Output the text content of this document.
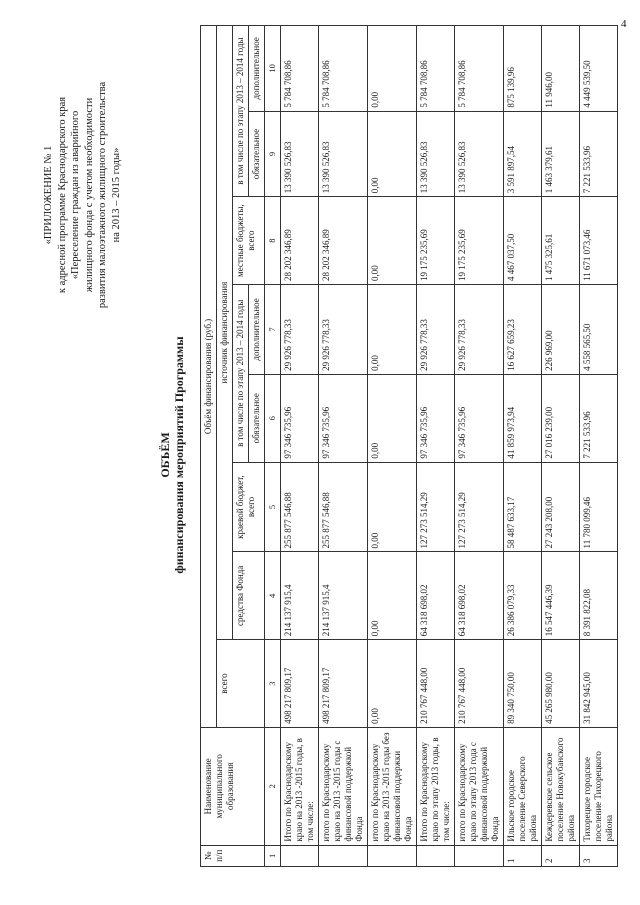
4
«ПРИЛОЖЕНИЕ № 1 к адресной программе Краснодарского края «Переселение граждан из аварийного жилищного фонда с учетом необходимости развития малоэтажного жилищного строительства на 2013 – 2015 годы»
ОБЪЁМ финансирования мероприятий Программы
№ п/п	Наименование муниципального образования	Объём финансирования (руб.)							
		всего	источник финансирования						
			средства Фонда	краевой бюджет, всего	в том числе по этапу 2013 – 2014 годы		местные бюджеты, всего	в том числе по этапу 2013 – 2014 годы	
					обязательное	дополнительное		обязательное	дополнительное
1	2	3	4	5	6	7	8	9	10
	Итого по Краснодарскому краю на 2013 -2015 годы, в том числе:	498 217 809,17	214 137 915,4	255 877 546,88	97 346 735,96	29 926 778,33	28 202 346,89	13 390 526,83	5 784 708,86
	итого по Краснодарскому краю на 2013 -2015 годы с финансовой поддержкой Фонда	498 217 809,17	214 137 915,4	255 877 546,88	97 346 735,96	29 926 778,33	28 202 346,89	13 390 526,83	5 784 708,86
	итого по Краснодарскому краю на 2013 -2015 годы без финансовой поддержки Фонда	0,00	0,00	0,00	0,00	0,00	0,00	0,00	0,00
	Итого по Краснодарскому краю по этапу 2013 годы, в том числе:	210 767 448,00	64 318 698,02	127 273 514,29	97 346 735,96	29 926 778,33	19 175 235,69	13 390 526,83	5 784 708,86
	итого по Краснодарскому краю по этапу 2013 года с финансовой поддержкой Фонда	210 767 448,00	64 318 698,02	127 273 514,29	97 346 735,96	29 926 778,33	19 175 235,69	13 390 526,83	5 784 708,86
1	Ильское городское поселение Северского района	89 340 750,00	26 386 079,33	58 487 633,17	41 859 973,94	16 627 659,23	4 467 037,50	3 591 897,54	875 139,96
2	Кеждеревское сельское поселение Новокубанского района	45 265 980,00	16 547 446,39	27 243 208,00	27 016 239,00	226 969,00	1 475 325,61	1 463 379,61	11 946,00
3	Тихорецкое городское поселение Тихорецкого района	31 842 945,00	8 391 822,08	11 780 099,46	7 221 533,96	4 558 565,50	11 671 073,46	7 221 533,96	4 449 539,50
